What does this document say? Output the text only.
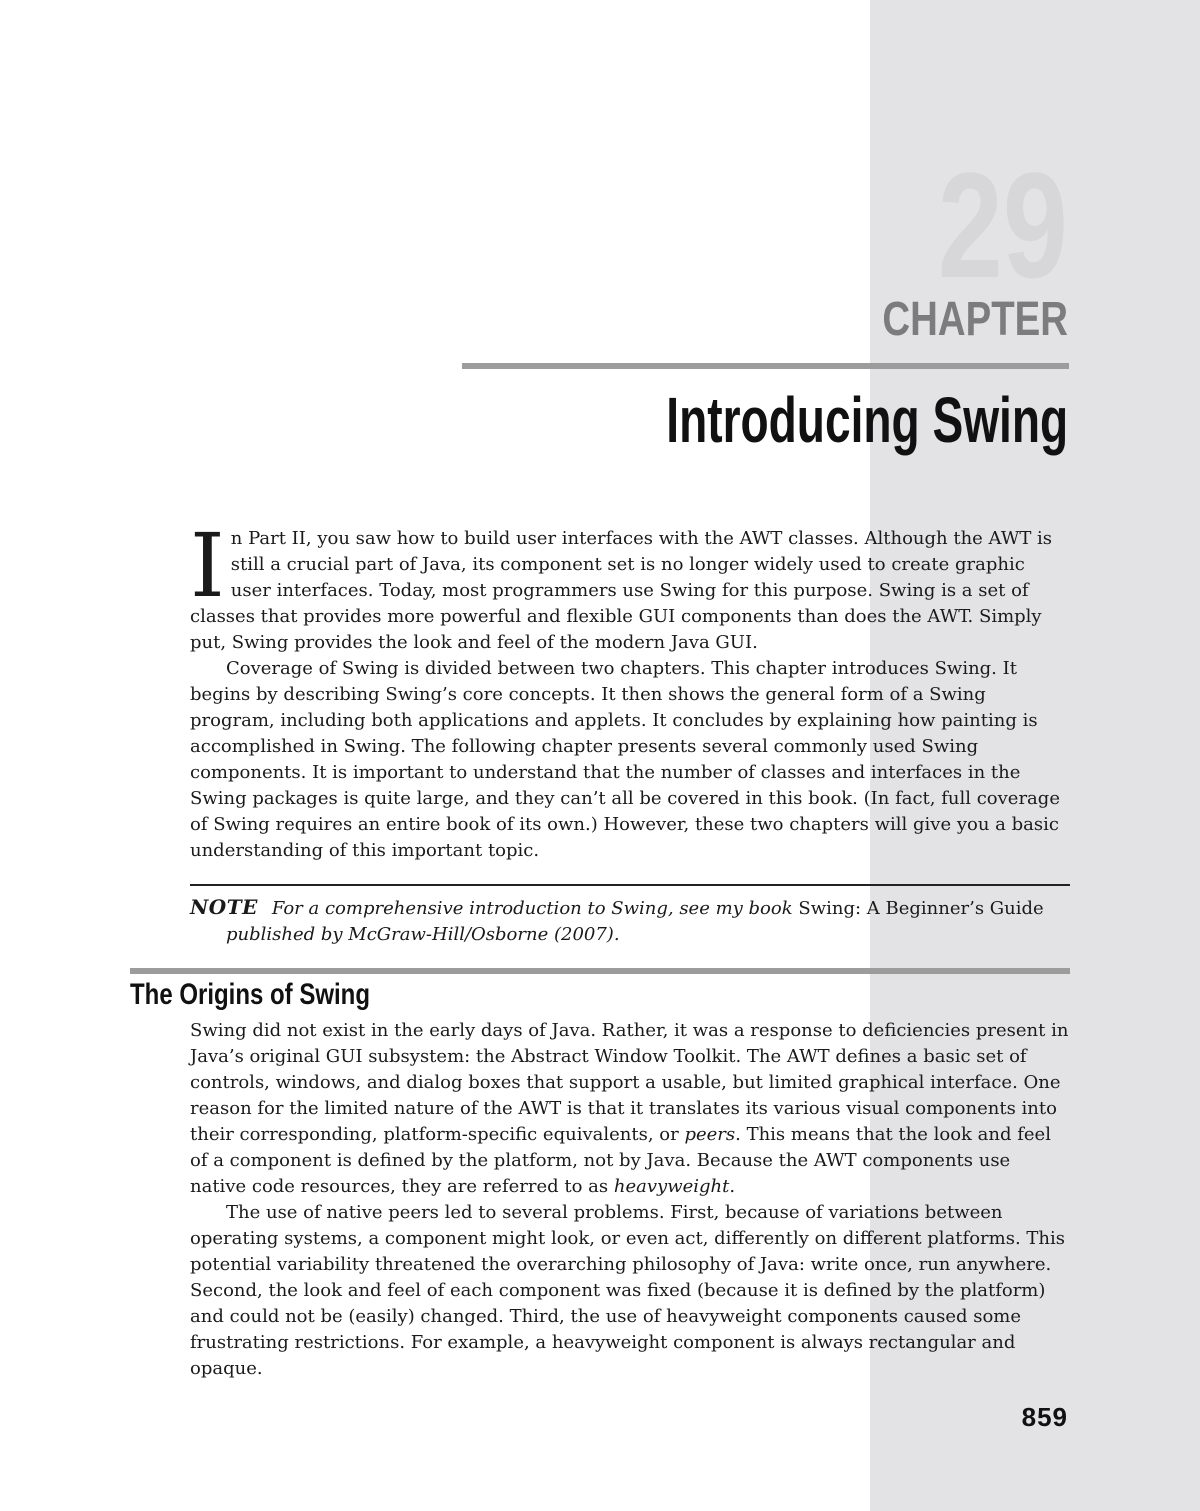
29
CHAPTER
Introducing Swing

In Part II, you saw how to build user interfaces with the AWT classes. Although the AWT is still a crucial part of Java, its component set is no longer widely used to create graphic user interfaces. Today, most programmers use Swing for this purpose. Swing is a set of classes that provides more powerful and flexible GUI components than does the AWT. Simply put, Swing provides the look and feel of the modern Java GUI.

Coverage of Swing is divided between two chapters. This chapter introduces Swing. It begins by describing Swing’s core concepts. It then shows the general form of a Swing program, including both applications and applets. It concludes by explaining how painting is accomplished in Swing. The following chapter presents several commonly used Swing components. It is important to understand that the number of classes and interfaces in the Swing packages is quite large, and they can’t all be covered in this book. (In fact, full coverage of Swing requires an entire book of its own.) However, these two chapters will give you a basic understanding of this important topic.

NOTE For a comprehensive introduction to Swing, see my book Swing: A Beginner’s Guide
published by McGraw-Hill/Osborne (2007).
The Origins of Swing

Swing did not exist in the early days of Java. Rather, it was a response to deficiencies present in Java’s original GUI subsystem: the Abstract Window Toolkit. The AWT defines a basic set of controls, windows, and dialog boxes that support a usable, but limited graphical interface. One reason for the limited nature of the AWT is that it translates its various visual components into their corresponding, platform-specific equivalents, or peers. This means that the look and feel of a component is defined by the platform, not by Java. Because the AWT components use native code resources, they are referred to as heavyweight.

The use of native peers led to several problems. First, because of variations between operating systems, a component might look, or even act, differently on different platforms. This potential variability threatened the overarching philosophy of Java: write once, run anywhere. Second, the look and feel of each component was fixed (because it is defined by the platform) and could not be (easily) changed. Third, the use of heavyweight components caused some frustrating restrictions. For example, a heavyweight component is always rectangular and opaque.

859
